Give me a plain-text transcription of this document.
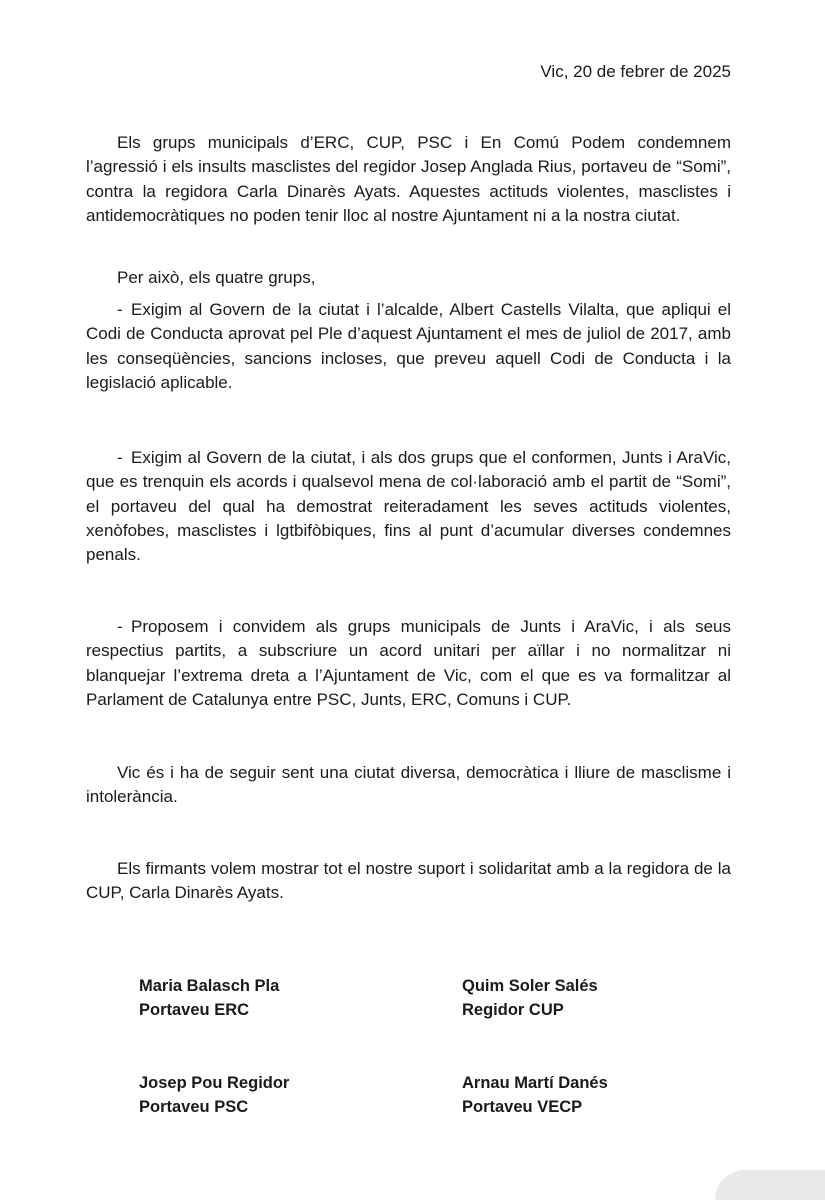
Vic, 20 de febrer de 2025

Els grups municipals d’ERC, CUP, PSC i En Comú Podem condemnem l’agressió i els insults masclistes del regidor Josep Anglada Rius, portaveu de “Somi”, contra la regidora Carla Dinarès Ayats. Aquestes actituds violentes, masclistes i antidemocràtiques no poden tenir lloc al nostre Ajuntament ni a la nostra ciutat.

Per això, els quatre grups,

- Exigim al Govern de la ciutat i l’alcalde, Albert Castells Vilalta, que apliqui el Codi de Conducta aprovat pel Ple d’aquest Ajuntament el mes de juliol de 2017, amb les conseqüències, sancions incloses, que preveu aquell Codi de Conducta i la legislació aplicable.

- Exigim al Govern de la ciutat, i als dos grups que el conformen, Junts i AraVic, que es trenquin els acords i qualsevol mena de col·laboració amb el partit de “Somi”, el portaveu del qual ha demostrat reiteradament les seves actituds violentes, xenòfobes, masclistes i lgtbifòbiques, fins al punt d’acumular diverses condemnes penals.

- Proposem i convidem als grups municipals de Junts i AraVic, i als seus respectius partits, a subscriure un acord unitari per aïllar i no normalitzar ni blanquejar l’extrema dreta a l’Ajuntament de Vic, com el que es va formalitzar al Parlament de Catalunya entre PSC, Junts, ERC, Comuns i CUP.

Vic és i ha de seguir sent una ciutat diversa, democràtica i lliure de masclisme i intolerància.

Els firmants volem mostrar tot el nostre suport i solidaritat amb a la regidora de la CUP, Carla Dinarès Ayats.

Maria Balasch Pla
Portaveu ERC
Quim Soler Salés
Regidor CUP
Josep Pou Regidor
Portaveu PSC
Arnau Martí Danés
Portaveu VECP
